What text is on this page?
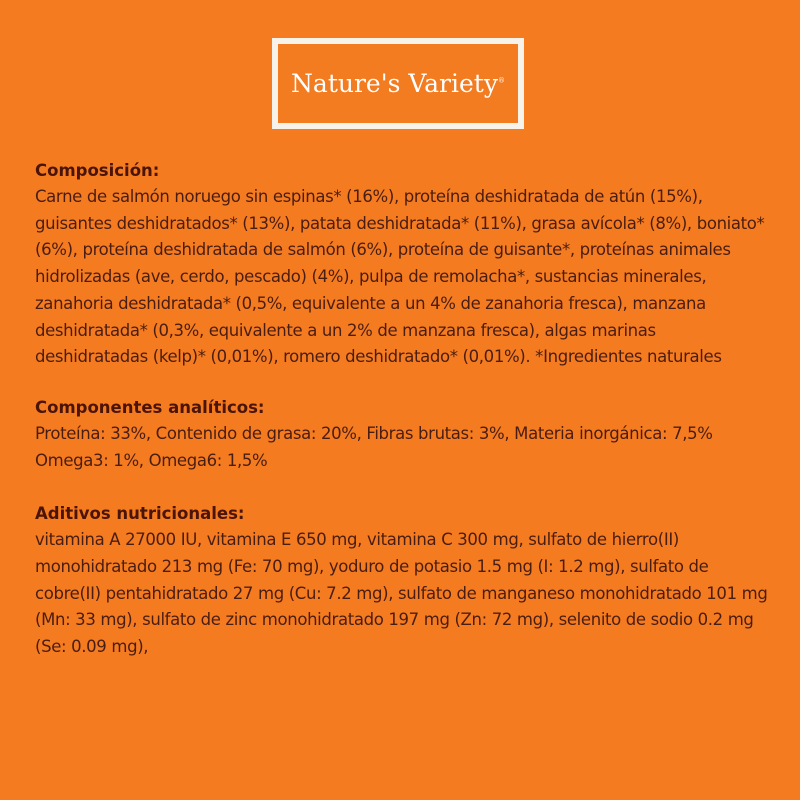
Nature's Variety®
Composición:

Carne de salmón noruego sin espinas* (16%), proteína deshidratada de atún (15%), guisantes deshidratados* (13%), patata deshidratada* (11%), grasa avícola* (8%), boniato* (6%), proteína deshidratada de salmón (6%), proteína de guisante*, proteínas animales hidrolizadas (ave, cerdo, pescado) (4%), pulpa de remolacha*, sustancias minerales, zanahoria deshidratada* (0,5%, equivalente a un 4% de zanahoria fresca), manzana deshidratada* (0,3%, equivalente a un 2% de manzana fresca), algas marinas deshidratadas (kelp)* (0,01%), romero deshidratado* (0,01%). *Ingredientes naturales

Componentes analíticos:

Proteína: 33%, Contenido de grasa: 20%, Fibras brutas: 3%, Materia inorgánica: 7,5% Omega3: 1%, Omega6: 1,5%

Aditivos nutricionales:

vitamina A 27000 IU, vitamina E 650 mg, vitamina C 300 mg, sulfato de hierro(II) monohidratado 213 mg (Fe: 70 mg), yoduro de potasio 1.5 mg (I: 1.2 mg), sulfato de cobre(II) pentahidratado 27 mg (Cu: 7.2 mg), sulfato de manganeso monohidratado 101 mg (Mn: 33 mg), sulfato de zinc monohidratado 197 mg (Zn: 72 mg), selenito de sodio 0.2 mg (Se: 0.09 mg),
